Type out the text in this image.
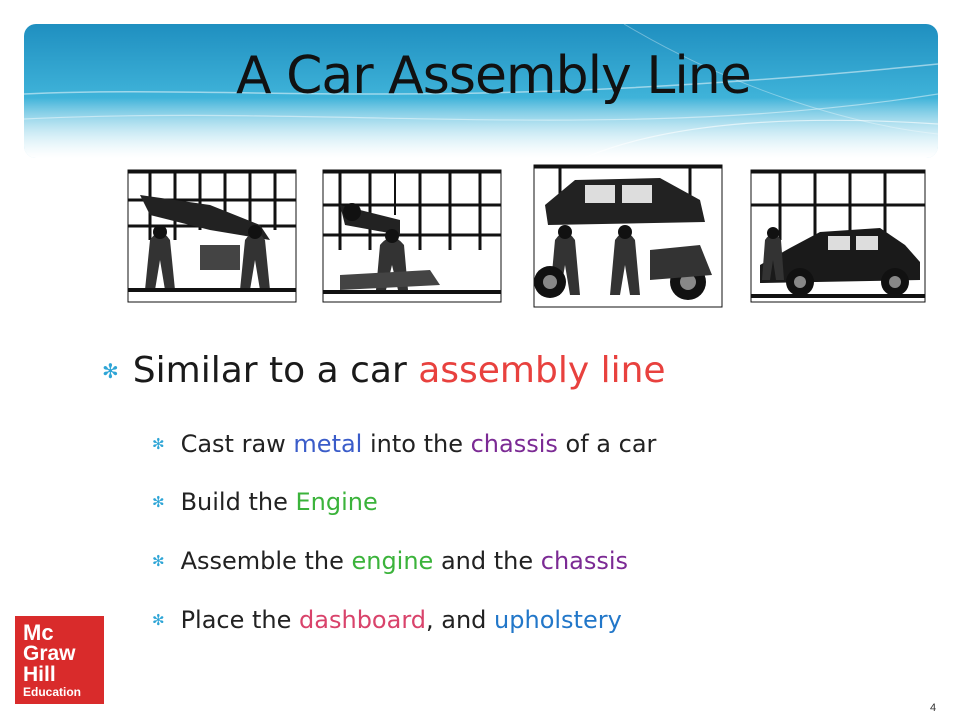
A Car Assembly Line
✻ Similar to a car assembly line
✻ Cast raw metal into the chassis of a car
✻ Build the Engine
✻ Assemble the engine and the chassis
✻ Place the dashboard, and upholstery
Mc
Graw
Hill
Education
4
